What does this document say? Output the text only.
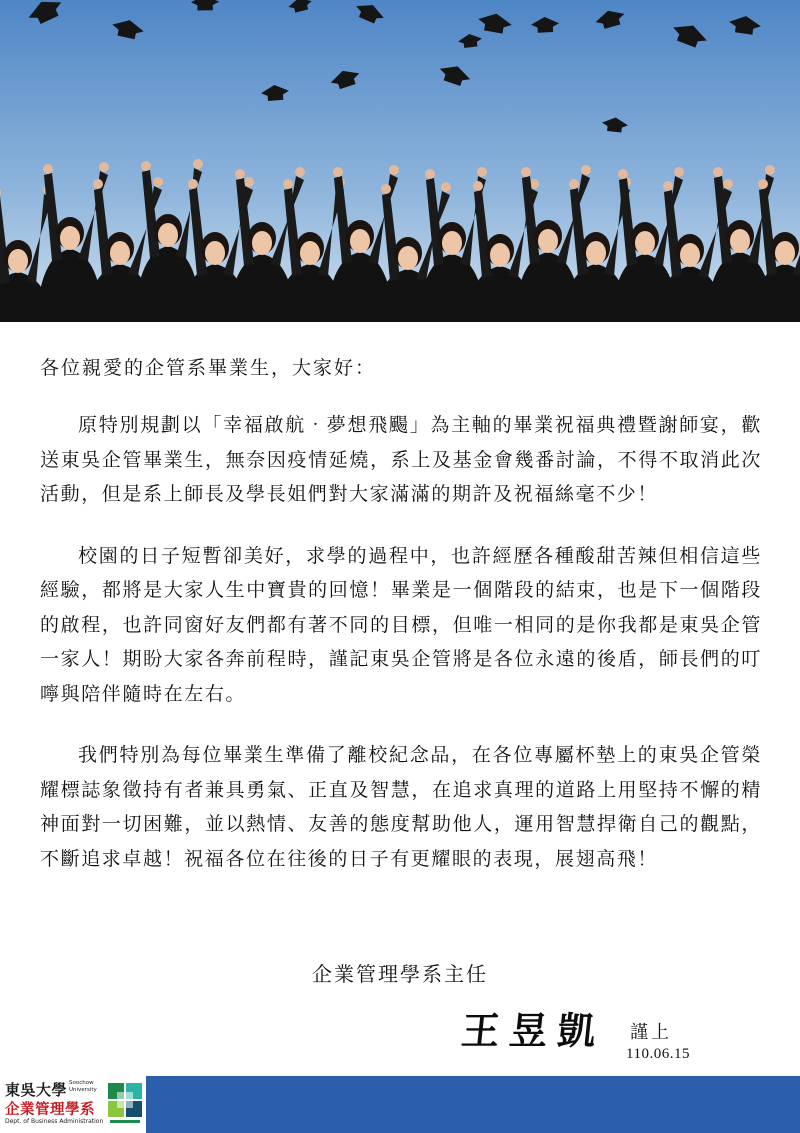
各位親愛的企管系畢業生，大家好：

原特別規劃以「幸福啟航‧夢想飛颺」為主軸的畢業祝福典禮暨謝師宴，歡送東吳企管畢業生，無奈因疫情延燒，系上及基金會幾番討論，不得不取消此次活動，但是系上師長及學長姐們對大家滿滿的期許及祝福絲毫不少！

校園的日子短暫卻美好，求學的過程中，也許經歷各種酸甜苦辣但相信這些經驗，都將是大家人生中寶貴的回憶！畢業是一個階段的結束，也是下一個階段的啟程，也許同窗好友們都有著不同的目標，但唯一相同的是你我都是東吳企管一家人！期盼大家各奔前程時，謹記東吳企管將是各位永遠的後盾，師長們的叮嚀與陪伴隨時在左右。

我們特別為每位畢業生準備了離校紀念品，在各位專屬杯墊上的東吳企管榮耀標誌象徵持有者兼具勇氣、正直及智慧，在追求真理的道路上用堅持不懈的精神面對一切困難，並以熱情、友善的態度幫助他人，運用智慧捍衛自己的觀點，不斷追求卓越！祝福各位在往後的日子有更耀眼的表現，展翅高飛！

企業管理學系主任
王昱凱 謹上
110.06.15
東吳大學 Soochow
University
企業管理學系
Dept. of Business Administration
